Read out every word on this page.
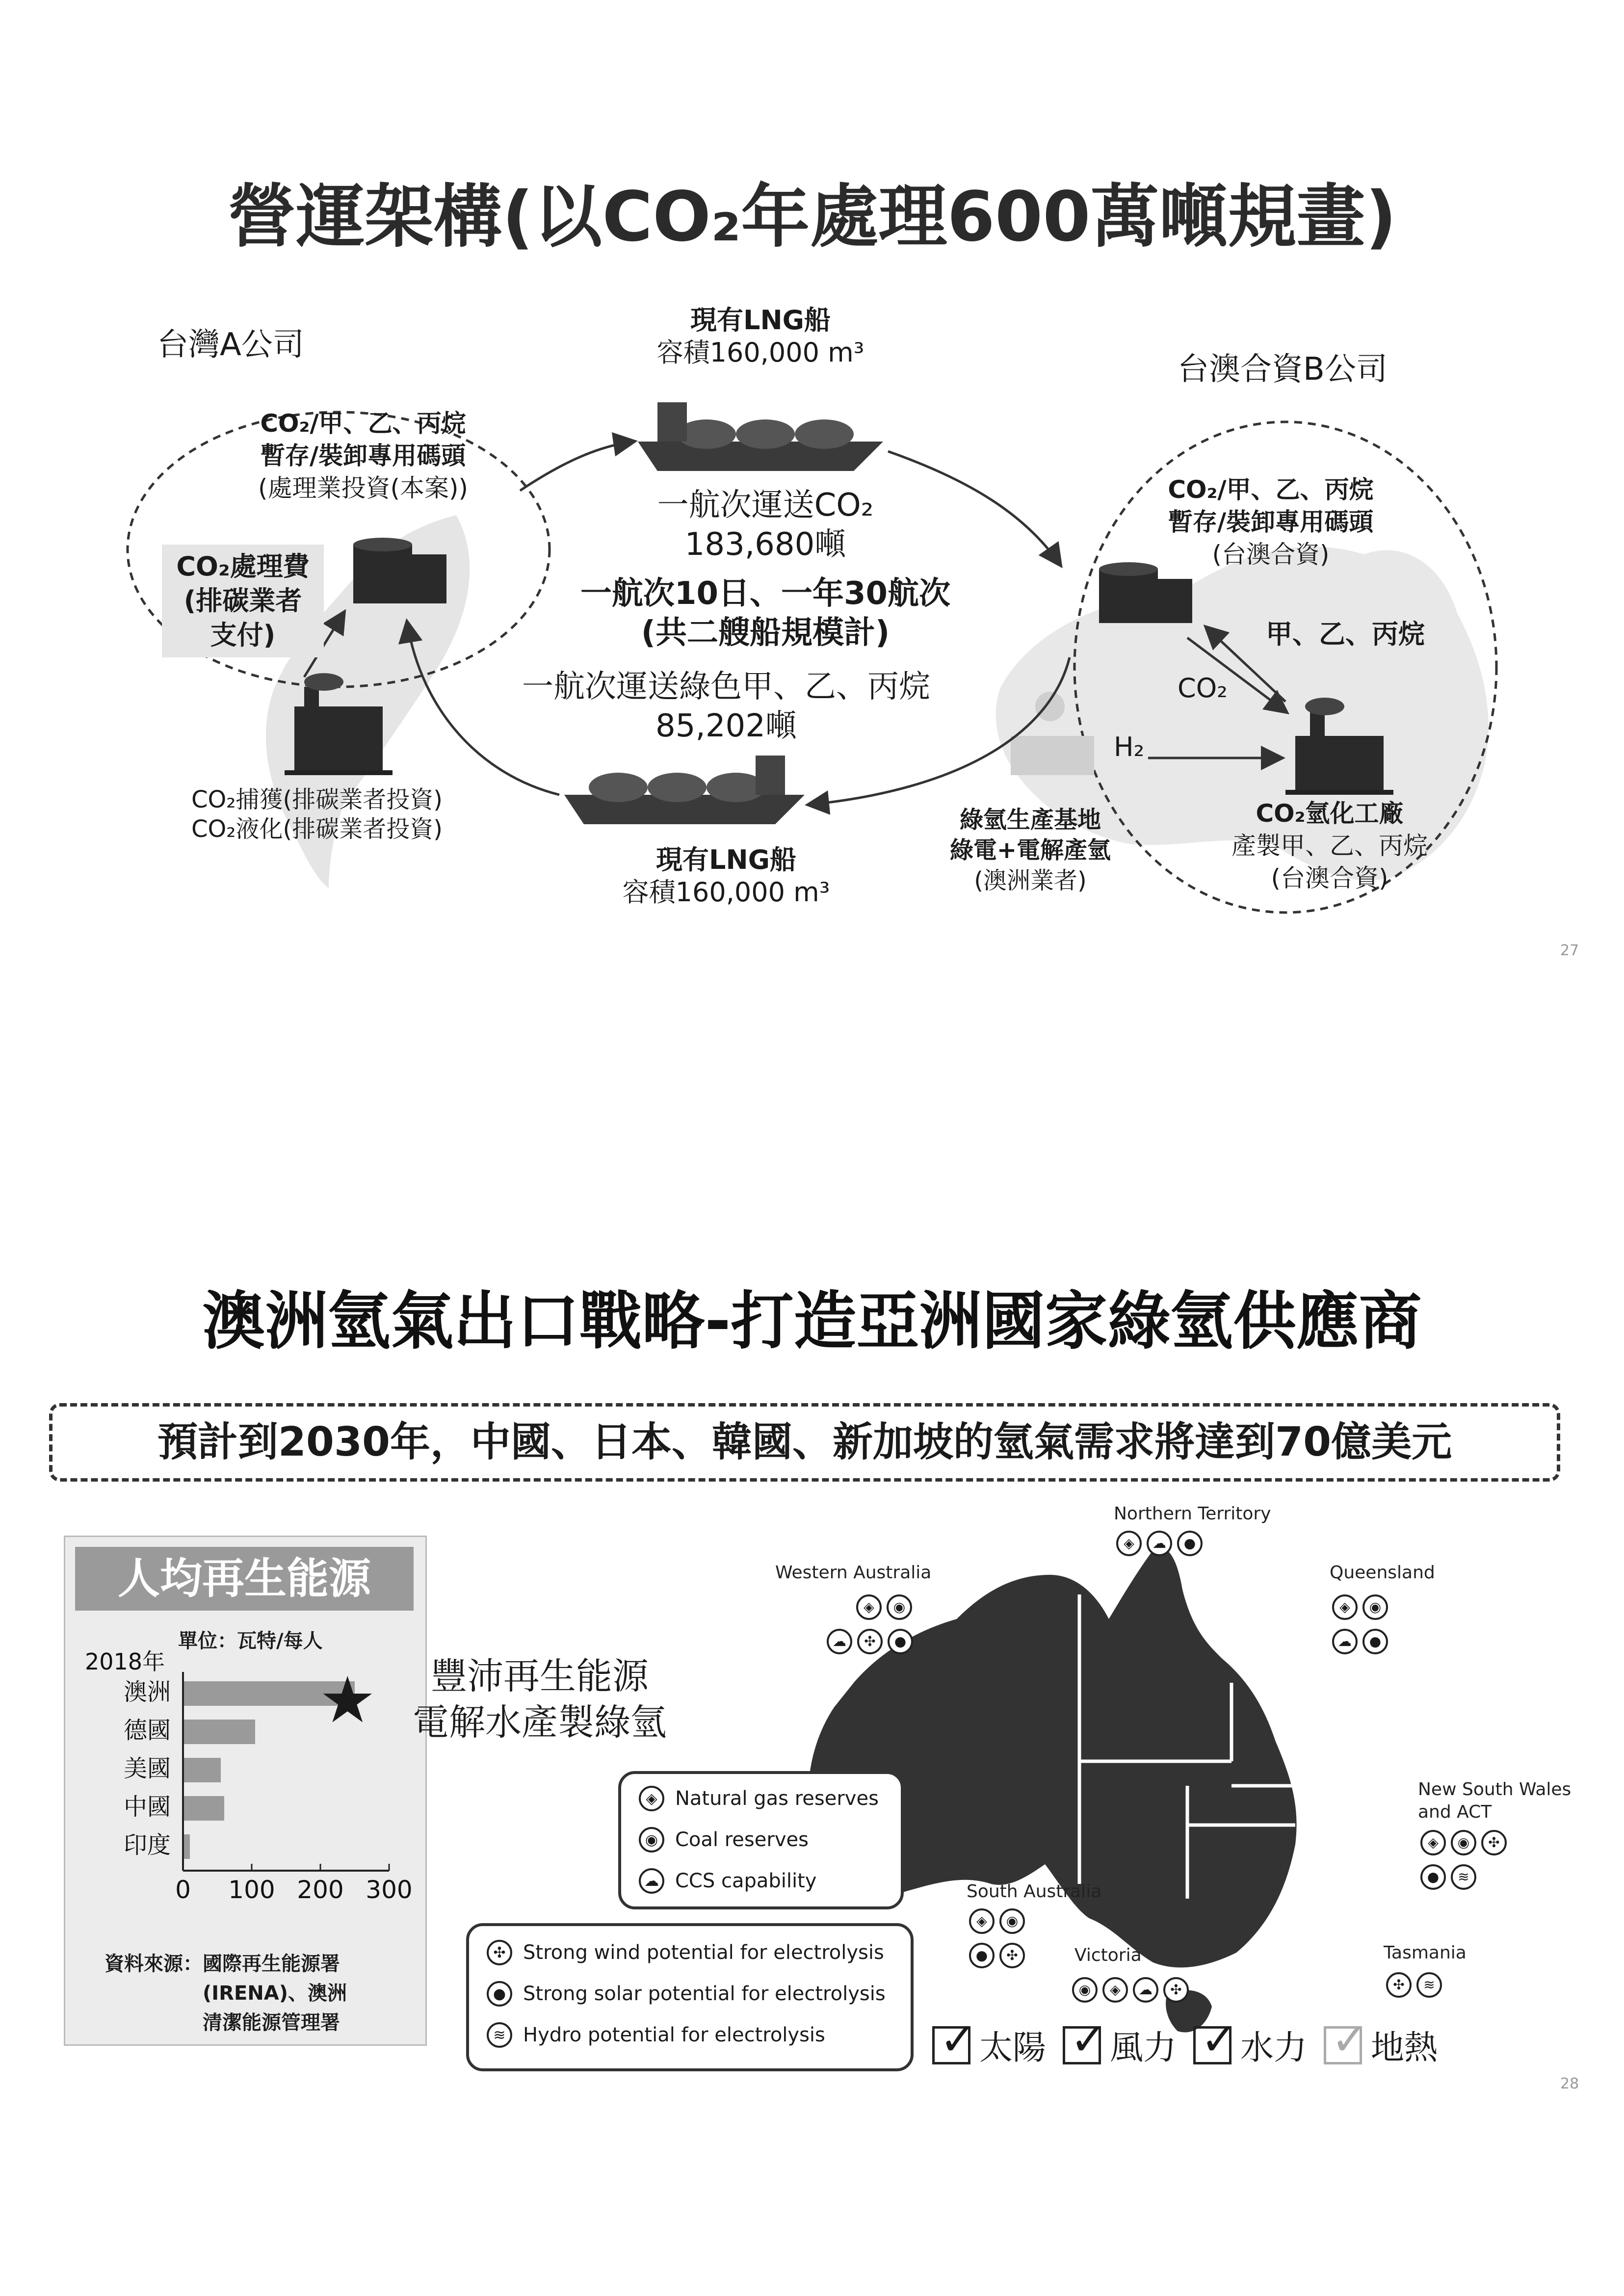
營運架構(以CO₂年處理600萬噸規畫)
台灣A公司
台澳合資B公司
CO₂/甲、乙、丙烷
暫存/裝卸專用碼頭
(處理業投資(本案))
CO₂處理費
(排碳業者
支付)
CO₂捕獲(排碳業者投資)
CO₂液化(排碳業者投資)
現有LNG船
容積160,000 m³
一航次運送CO₂
183,680噸
一航次10日、一年30航次
(共二艘船規模計)
一航次運送綠色甲、乙、丙烷
85,202噸
現有LNG船
容積160,000 m³
CO₂/甲、乙、丙烷
暫存/裝卸專用碼頭
(台澳合資)
甲、乙、丙烷
CO₂
H₂
CO₂氫化工廠
產製甲、乙、丙烷
(台澳合資)
綠氫生產基地
綠電+電解產氫
(澳洲業者)
27
澳洲氫氣出口戰略-打造亞洲國家綠氫供應商
預計到2030年，中國、日本、韓國、新加坡的氫氣需求將達到70億美元
人均再生能源
單位：瓦特/每人
2018年
澳洲
德國
美國
中國
印度
0 100 200 300
資料來源：國際再生能源署
(IRENA)、澳洲
清潔能源管理署
★	豐沛再生能源
電解水產製綠氫
Northern Territory
◈ ☁ ●
Western Australia
◈ ◉
☁ ✣ ●
Queensland
◈ ◉
☁ ●
New South Wales
and ACT
◈ ◉ ✣
● ≋
South Australia
◈ ◉
● ✣	Victoria
◉ ◈ ☁ ✣
Tasmania
✣ ≋
◈ Natural gas reserves
◉ Coal reserves
☁ CCS capability
✣ Strong wind potential for electrolysis
● Strong solar potential for electrolysis
≋ Hydro potential for electrolysis	✓ 太陽 ✓ 風力 ✓ 水力 ✓ 地熱
28
